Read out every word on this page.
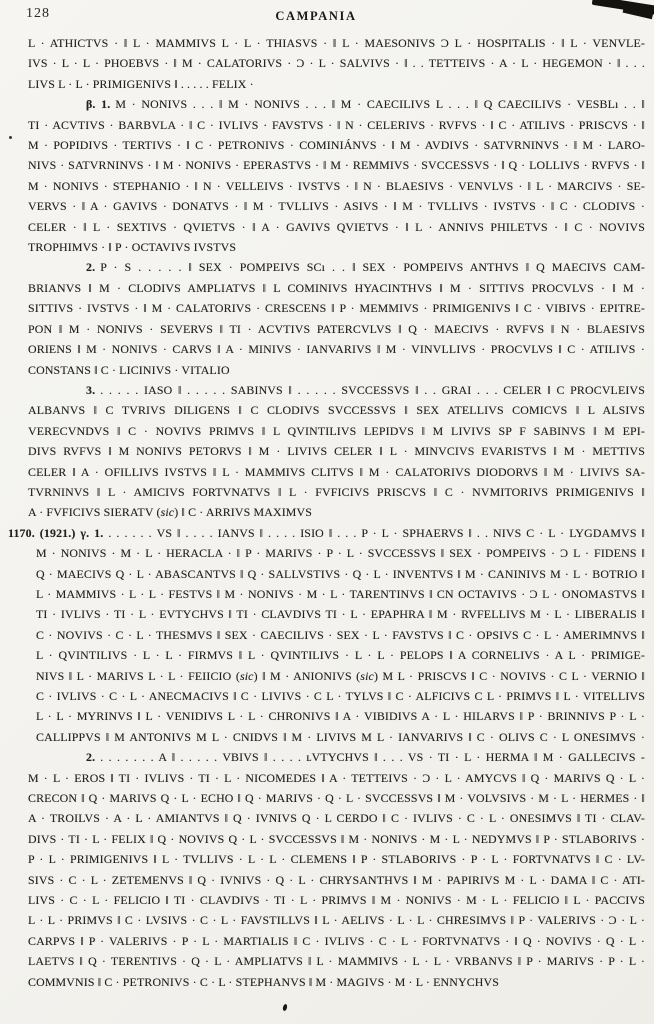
128	CAMPANIA
L · ATHICTVS · ‖ L · MAMMIVS L · L · THIASVS · ‖ L · MAESONIVS Ɔ L · HOSPITALIS · ‖ L · VENVLE-
IVS · L · L · PHOEBVS · ‖ M · CALATORIVS · Ɔ · L · SALVIVS · ‖ . . TETTEIVS · A · L · HEGEMON · ‖ . . .
LIVS L · L · PRIMIGENIVS ‖ . . . . . FELIX ·
β. 1. M · NONIVS . . . ‖ M · NONIVS . . . ‖ M · CAECILIVS L . . . ‖ Q CAECILIVS · VESBLı . . ‖
TI · ACVTIVS · BARBVLA · ‖ C · IVLIVS · FAVSTVS · ‖ N · CELERIVS · RVFVS · ‖ C · ATILIVS · PRISCVS · ‖
M · POPIDIVS · TERTIVS · ‖ C · PETRONIVS · COMINIÁNVS · ‖ M · AVDIVS · SATVRNINVS · ‖ M · LARO-
NIVS · SATVRNINVS · ‖ M · NONIVS · EPERASTVS · ‖ M · REMMIVS · SVCCESSVS · ‖ Q · LOLLIVS · RVFVS · ‖
M · NONIVS · STEPHANIO · ‖ N · VELLEIVS · IVSTVS · ‖ N · BLAESIVS · VENVLVS · ‖ L · MARCIVS · SE-
VERVS · ‖ A · GAVIVS · DONATVS · ‖ M · TVLLIVS · ASIVS · ‖ M · TVLLIVS · IVSTVS · ‖ C · CLODIVS ·
CELER · ‖ L · SEXTIVS · QVIETVS · ‖ A · GAVIVS QVIETVS · ‖ L · ANNIVS PHILETVS · ‖ C · NOVIVS
TROPHIMVS · ‖ P · OCTAVIVS IVSTVS
2. P · S . . . . . ‖ SEX · POMPEIVS SCı . . ‖ SEX · POMPEIVS ANTHVS ‖ Q MAECIVS CAM-
BRIANVS ‖ M · CLODIVS AMPLIATVS ‖ L COMINIVS HYACINTHVS ‖ M · SITTIVS PROCVLVS · ‖ M ·
SITTIVS · IVSTVS · ‖ M · CALATORIVS · CRESCENS ‖ P · MEMMIVS · PRIMIGENIVS ‖ C · VIBIVS · EPITRE-
PON ‖ M · NONIVS · SEVERVS ‖ TI · ACVTIVS PATERCVLVS ‖ Q · MAECIVS · RVFVS ‖ N · BLAESIVS
ORIENS ‖ M · NONIVS · CARVS ‖ A · MINIVS · IANVARIVS ‖ M · VINVLLIVS · PROCVLVS ‖ C · ATILIVS ·
CONSTANS ‖ C · LICINIVS · VITALIO
3. . . . . . IASO ‖ . . . . . SABINVS ‖ . . . . . SVCCESSVS ‖ . . GRAI . . . CELER ‖ C PROCVLEIVS
ALBANVS ‖ C TVRIVS DILIGENS ‖ C CLODIVS SVCCESSVS ‖ SEX ATELLIVS COMICVS ‖ L ALSIVS
VERECVNDVS ‖ C · NOVIVS PRIMVS ‖ L QVINTILIVS LEPIDVS ‖ M LIVIVS SP F SABINVS ‖ M EPI-
DIVS RVFVS ‖ M NONIVS PETORVS ‖ M · LIVIVS CELER ‖ L · MINVCIVS EVARISTVS ‖ M · METTIVS
CELER ‖ A · OFILLIVS IVSTVS ‖ L · MAMMIVS CLITVS ‖ M · CALATORIVS DIODORVS ‖ M · LIVIVS SA-
TVRNINVS ‖ L · AMICIVS FORTVNATVS ‖ L · FVFICIVS PRISCVS ‖ C · NVMITORIVS PRIMIGENIVS ‖
A · FVFICIVS SIERATV (sic) ‖ C · ARRIVS MAXIMVS
1170. (1921.) γ. 1. . . . . . . VS ‖ . . . . IANVS ‖ . . . . ISIO ‖ . . . P · L · SPHAERVS ‖ . . NIVS C · L · LYGDAMVS ‖
M · NONIVS · M · L · HERACLA · ‖ P · MARIVS · P · L · SVCCESSVS ‖ SEX · POMPEIVS · Ɔ L · FIDENS ‖
Q · MAECIVS Q · L · ABASCANTVS ‖ Q · SALLVSTIVS · Q · L · INVENTVS ‖ M · CANINIVS M · L · BOTRIO ‖
L · MAMMIVS · L · L · FESTVS ‖ M · NONIVS · M · L · TARENTINVS ‖ CN OCTAVIVS · Ɔ L · ONOMASTVS ‖
TI · IVLIVS · TI · L · EVTYCHVS ‖ TI · CLAVDIVS TI · L · EPAPHRA ‖ M · RVFELLIVS M · L · LIBERALIS ‖
C · NOVIVS · C · L · THESMVS ‖ SEX · CAECILIVS · SEX · L · FAVSTVS ‖ C · OPSIVS C · L · AMERIMNVS ‖
L · QVINTILIVS · L · L · FIRMVS ‖ L · QVINTILIVS · L · L · PELOPS ‖ A CORNELIVS · A L · PRIMIGE-
NIVS ‖ L · MARIVS L · L · FEIICIO (sic) ‖ M · ANIONIVS (sic) M L · PRISCVS ‖ C · NOVIVS · C L · VERNIO ‖
C · IVLIVS · C · L · ANECMACIVS ‖ C · LIVIVS · C L · TYLVS ‖ C · ALFICIVS C L · PRIMVS ‖ L · VITELLIVS
L · L · MYRINVS ‖ L · VENIDIVS L · L · CHRONIVS ‖ A · VIBIDIVS A · L · HILARVS ‖ P · BRINNIVS P · L ·
CALLIPPVS ‖ M ANTONIVS M L · CNIDVS ‖ M · LIVIVS M L · IANVARIVS ‖ C · OLIVS C · L ONESIMVS ·
2. . . . . . . . A ‖ . . . . . VBIVS ‖ . . . . ʟVTYCHVS ‖ . . . VS · TI · L · HERMA ‖ M · GALLECIVS -
M · L · EROS ‖ TI · IVLIVS · TI · L · NICOMEDES ‖ A · TETTEIVS · Ɔ · L · AMYCVS ‖ Q · MARIVS Q · L ·
CRECON ‖ Q · MARIVS Q · L · ECHO ‖ Q · MARIVS · Q · L · SVCCESSVS ‖ M · VOLVSIVS · M · L · HERMES · ‖
A · TROILVS · A · L · AMIANTVS ‖ Q · IVNIVS Q · L CERDO ‖ C · IVLIVS · C · L · ONESIMVS ‖ TI · CLAV-
DIVS · TI · L · FELIX ‖ Q · NOVIVS Q · L · SVCCESSVS ‖ M · NONIVS · M · L · NEDYMVS ‖ P · STLABORIVS ·
P · L · PRIMIGENIVS ‖ L · TVLLIVS · L · L · CLEMENS ‖ P · STLABORIVS · P · L · FORTVNATVS ‖ C · LV-
SIVS · C · L · ZETEMENVS ‖ Q · IVNIVS · Q · L · CHRYSANTHVS ‖ M · PAPIRIVS M · L · DAMA ‖ C · ATI-
LIVS · C · L · FELICIO ‖ TI · CLAVDIVS · TI · L · PRIMVS ‖ M · NONIVS · M · L · FELICIO ‖ L · PACCIVS
L · L · PRIMVS ‖ C · LVSIVS · C · L · FAVSTILLVS ‖ L · AELIVS · L · L · CHRESIMVS ‖ P · VALERIVS · Ɔ · L ·
CARPVS ‖ P · VALERIVS · P · L · MARTIALIS ‖ C · IVLIVS · C · L · FORTVNATVS · ‖ Q · NOVIVS · Q · L ·
LAETVS ‖ Q · TERENTIVS · Q · L · AMPLIATVS ‖ L · MAMMIVS · L · L · VRBANVS ‖ P · MARIVS · P · L ·
COMMVNIS ‖ C · PETRONIVS · C · L · STEPHANVS ‖ M · MAGIVS · M · L · ENNYCHVS
